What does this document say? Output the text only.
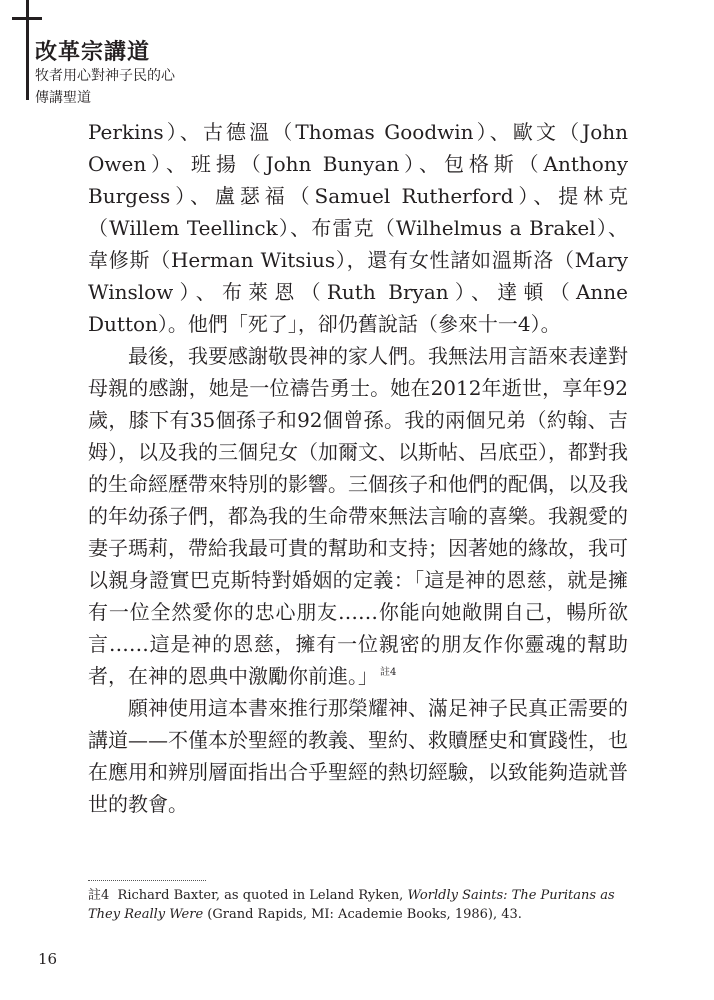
改革宗講道
牧者用心對神子民的心
傳講聖道

Perkins）、古德溫（Thomas Goodwin）、歐文（John Owen）、班揚（John Bunyan）、包格斯（Anthony Burgess）、盧瑟福（Samuel Rutherford）、提林克（Willem Teellinck）、布雷克（Wilhelmus a Brakel）、韋修斯（Herman Witsius），還有女性諸如溫斯洛（Mary Winslow）、布萊恩（Ruth Bryan）、達頓（Anne Dutton）。他們「死了」，卻仍舊說話（參來十一4）。

最後，我要感謝敬畏神的家人們。我無法用言語來表達對母親的感謝，她是一位禱告勇士。她在2012年逝世，享年92歲，膝下有35個孫子和92個曾孫。我的兩個兄弟（約翰、吉姆），以及我的三個兒女（加爾文、以斯帖、呂底亞），都對我的生命經歷帶來特別的影響。三個孩子和他們的配偶，以及我的年幼孫子們，都為我的生命帶來無法言喻的喜樂。我親愛的妻子瑪莉，帶給我最可貴的幫助和支持；因著她的緣故，我可以親身證實巴克斯特對婚姻的定義：「這是神的恩慈，就是擁有一位全然愛你的忠心朋友……你能向她敞開自己，暢所欲言……這是神的恩慈，擁有一位親密的朋友作你靈魂的幫助者，在神的恩典中激勵你前進。」 $^{註4}$

願神使用這本書來推行那榮耀神、滿足神子民真正需要的講道——不僅本於聖經的教義、聖約、救贖歷史和實踐性，也在應用和辨別層面指出合乎聖經的熱切經驗，以致能夠造就普世的教會。

註4 Richard Baxter, as quoted in Leland Ryken, Worldly Saints: The Puritans as They Really Were (Grand Rapids, MI: Academie Books, 1986), 43.
16
